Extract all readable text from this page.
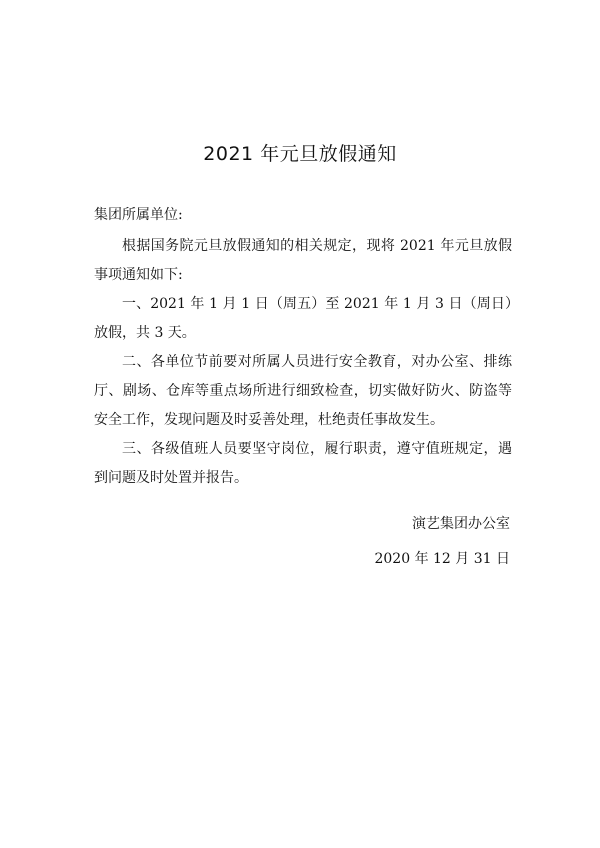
2021 年元旦放假通知
集团所属单位:

根据国务院元旦放假通知的相关规定，现将 2021 年元旦放假事项通知如下:

一、2021 年 1 月 1 日（周五）至 2021 年 1 月 3 日（周日）放假，共 3 天。

二、各单位节前要对所属人员进行安全教育，对办公室、排练厅、剧场、仓库等重点场所进行细致检查，切实做好防火、防盗等安全工作，发现问题及时妥善处理，杜绝责任事故发生。

三、各级值班人员要坚守岗位，履行职责，遵守值班规定，遇到问题及时处置并报告。

演艺集团办公室
2020 年 12 月 31 日
